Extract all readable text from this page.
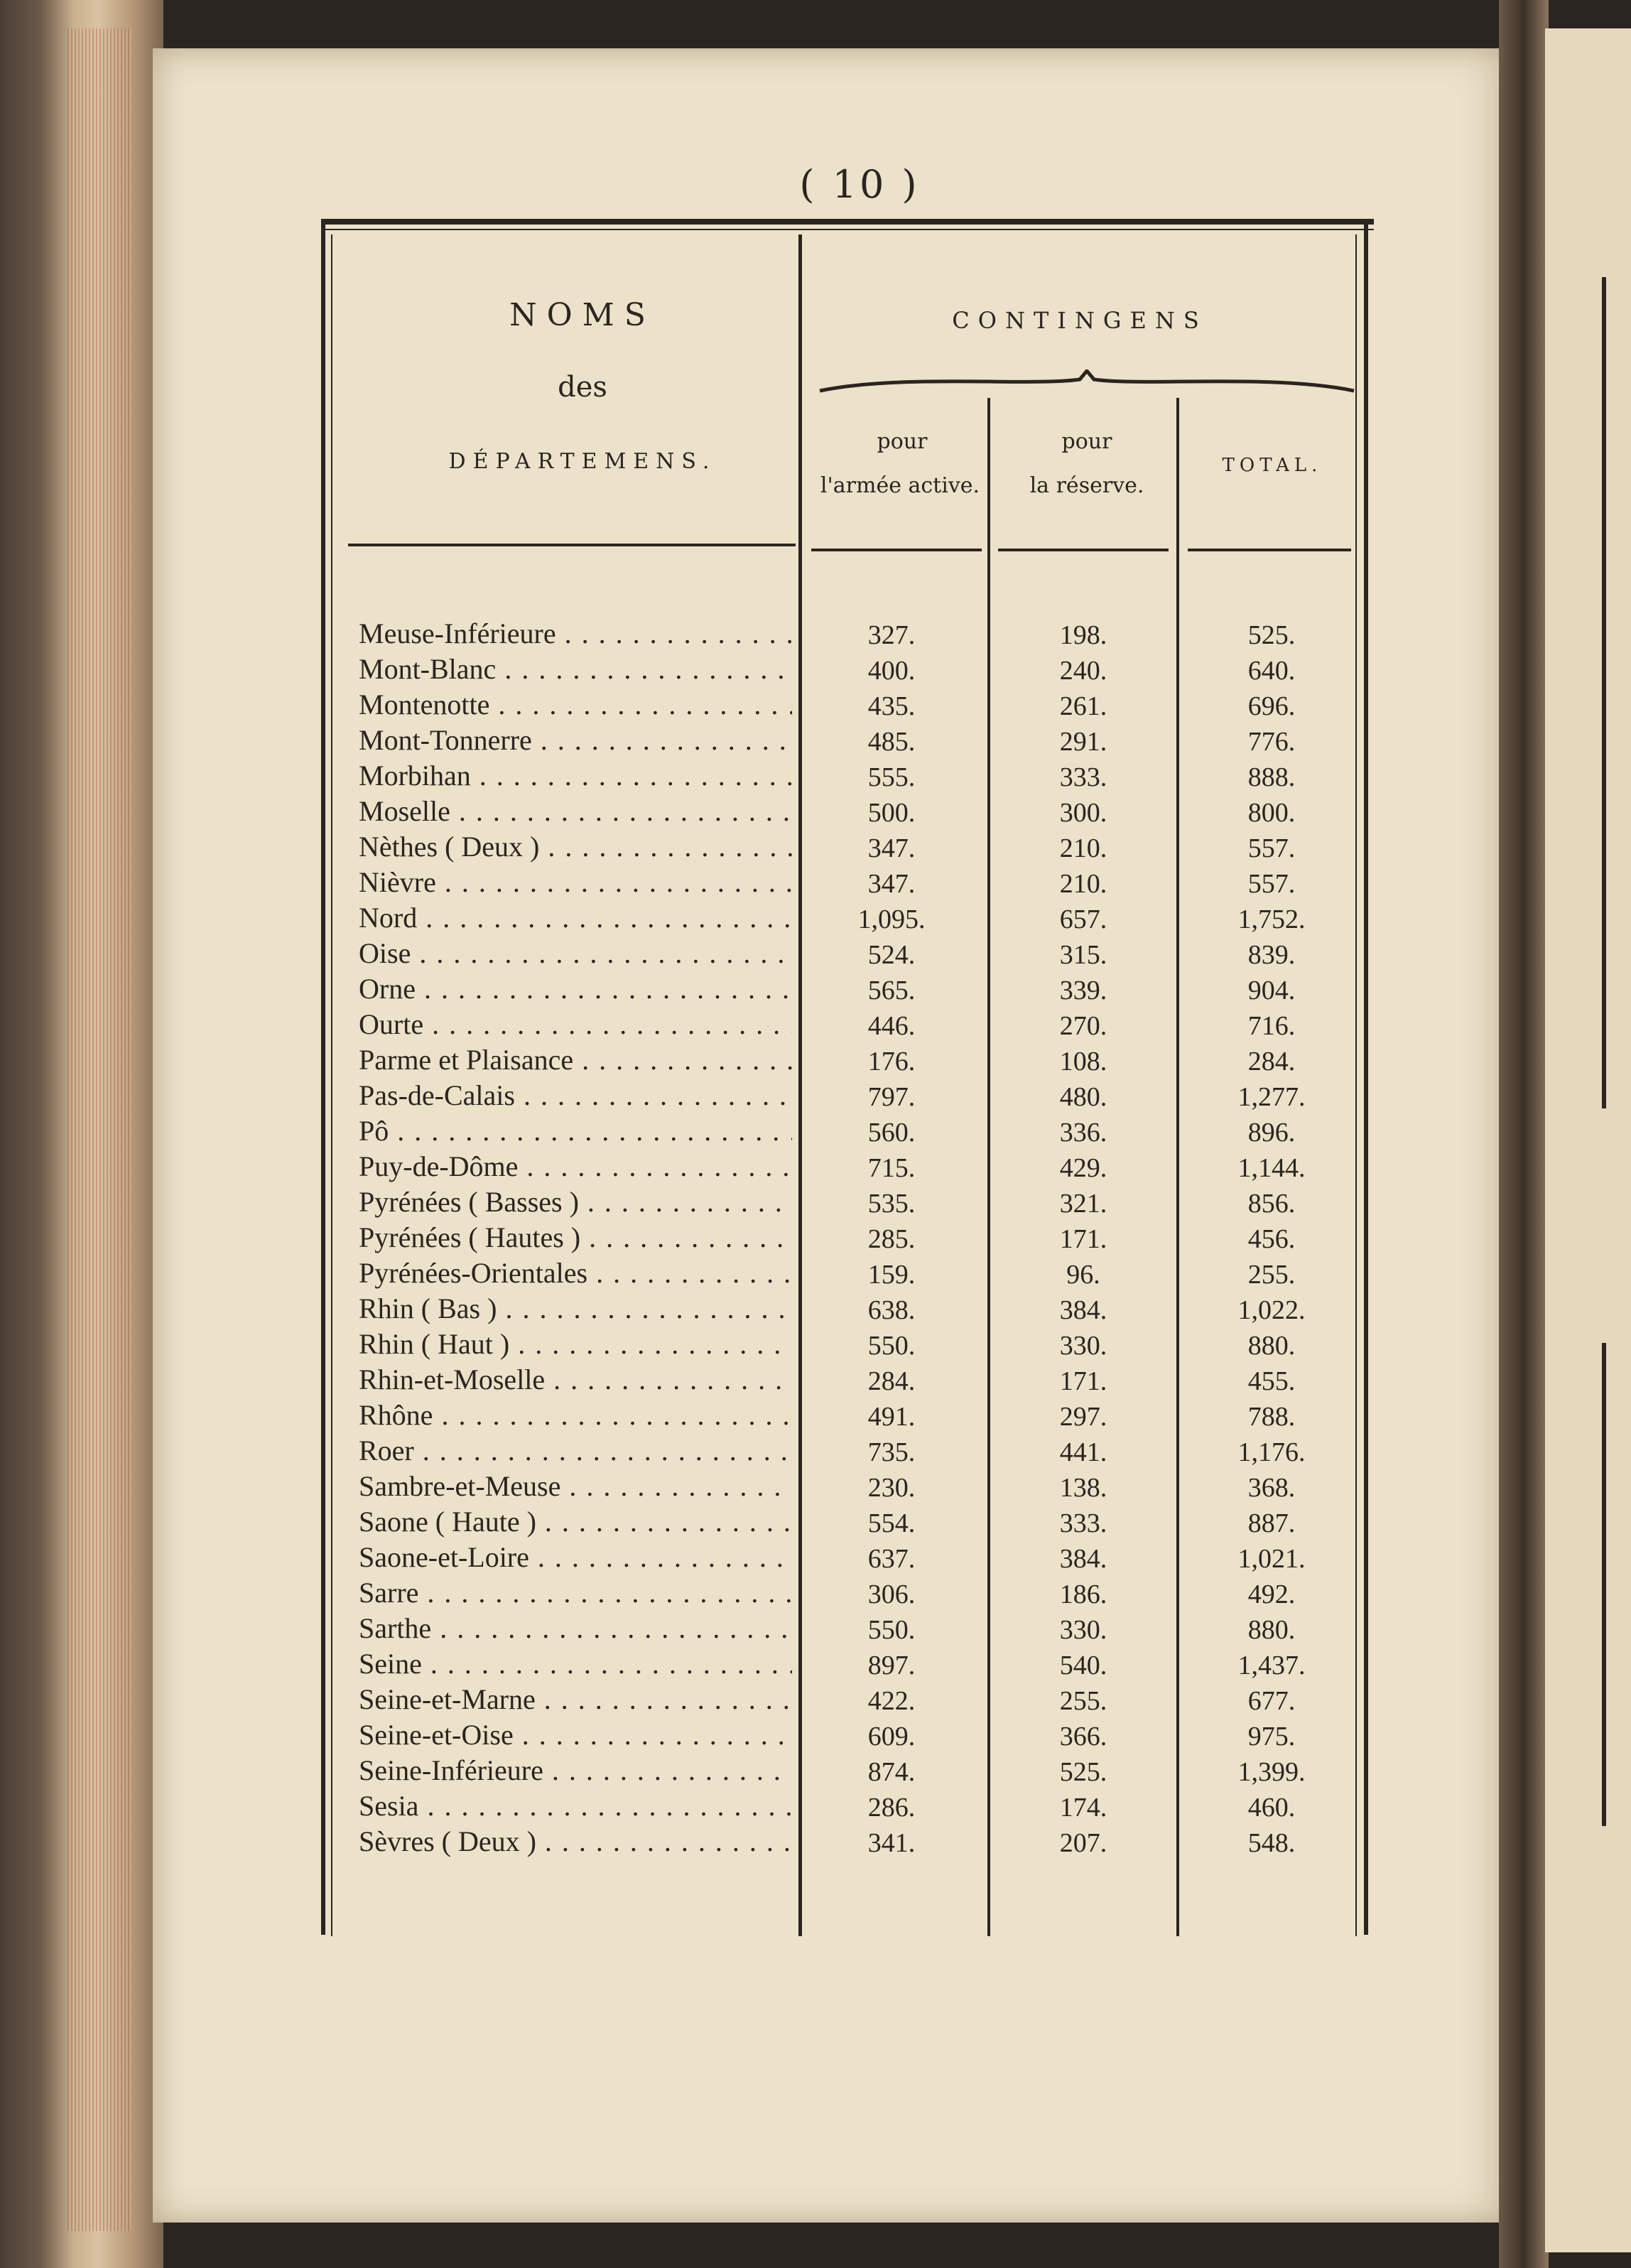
( 10 )
NOMS
des
DÉPARTEMENS.
CONTINGENS
pour
l'armée active.
pour
la réserve.
TOTAL.
Meuse-Inférieure . . .	327.	198.	525.
Mont-Blanc . . .	400.	240.	640.
Montenotte . . .	435.	261.	696.
Mont-Tonnerre . . .	485.	291.	776.
Morbihan . . .	555.	333.	888.
Moselle . . .	500.	300.	800.
Nèthes ( Deux ) . . .	347.	210.	557.
Nièvre . . .	347.	210.	557.
Nord . . .	1,095.	657.	1,752.
Oise . . .	524.	315.	839.
Orne . . .	565.	339.	904.
Ourte . . .	446.	270.	716.
Parme et Plaisance . . .	176.	108.	284.
Pas-de-Calais . . .	797.	480.	1,277.
Pô . . .	560.	336.	896.
Puy-de-Dôme . . .	715.	429.	1,144.
Pyrénées ( Basses ) . . .	535.	321.	856.
Pyrénées ( Hautes ) . . .	285.	171.	456.
Pyrénées-Orientales . . .	159.	96.	255.
Rhin ( Bas ) . . .	638.	384.	1,022.
Rhin ( Haut ) . . .	550.	330.	880.
Rhin-et-Moselle . . .	284.	171.	455.
Rhône . . .	491.	297.	788.
Roer . . .	735.	441.	1,176.
Sambre-et-Meuse . . .	230.	138.	368.
Saone ( Haute ) . . .	554.	333.	887.
Saone-et-Loire . . .	637.	384.	1,021.
Sarre . . .	306.	186.	492.
Sarthe . . .	550.	330.	880.
Seine . . .	897.	540.	1,437.
Seine-et-Marne . . .	422.	255.	677.
Seine-et-Oise . . .	609.	366.	975.
Seine-Inférieure . . .	874.	525.	1,399.
Sesia . . .	286.	174.	460.
Sèvres ( Deux ) . . .	341.	207.	548.
